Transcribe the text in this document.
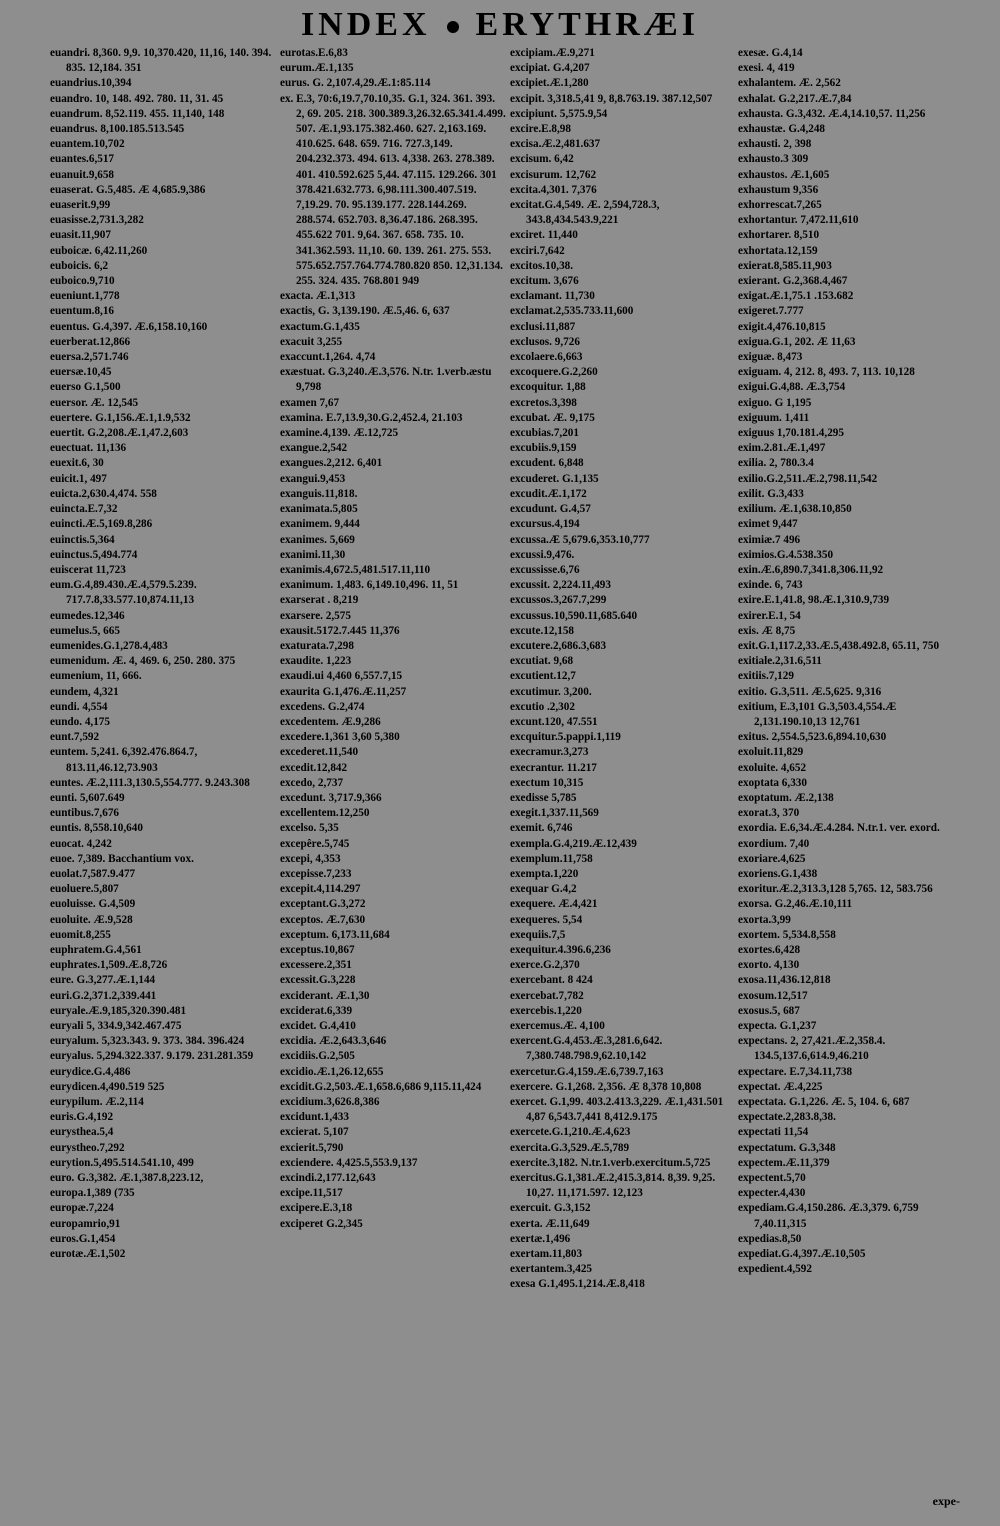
INDEX ERYTHRÆI
euandri. 8,360. 9,9. 10,370.420, 11,16, 140. 394. 835. 12,184. 351
euandrius.10,394
euandro. 10, 148. 492. 780. 11, 31. 45
euandrum. 8,52.119. 455. 11,140, 148
euandrus. 8,100.185.513.545
euantem.10,702
euantes.6,517
euanuit.9,658
euaserat. G.5,485. Æ 4,685.9,386
euaserit.9,99
euasisse.2,731.3,282
euasit.11,907
euboicæ. 6,42.11,260
euboicis. 6,2
euboico.9,710
eueniunt.1,778
euentum.8,16
euentus. G.4,397. Æ.6,158.10,160
euerberat.12,866
euersa.2,571.746
euersæ.10,45
euerso G.1,500
euersor. Æ. 12,545
euertere. G.1,156.Æ.1,1.9,532
euertit. G.2,208.Æ.1,47.2,603
euectuat. 11,136
euexit.6, 30
euicit.1, 497
euicta.2,630.4,474. 558
euincta.E.7,32
euincti.Æ.5,169.8,286
euinctis.5,364
euinctus.5,494.774
euiscerat 11,723
eum.G.4,89.430.Æ.4,579.5.239. 717.7.8,33.577.10,874.11,13
eumedes.12,346
eumelus.5, 665
eumenides.G.1,278.4,483
eumenidum. Æ. 4, 469. 6, 250. 280. 375
eumenium, 11, 666.
eundem, 4,321
eundi. 4,554
eundo. 4,175
eunt.7,592
euntem. 5,241. 6,392.476.864.7, 813.11,46.12,73.903
euntes. Æ.2,111.3,130.5,554.777. 9.243.308
eunti. 5,607.649
euntibus.7,676
euntis. 8,558.10,640
euocat. 4,242
euoe. 7,389. Bacchantium vox.
euolat.7,587.9.477
euoluere.5,807
euoluisse. G.4,509
euoluite. Æ.9,528
euomit.8,255
euphratem.G.4,561
euphrates.1,509.Æ.8,726
eure. G.3,277.Æ.1,144
euri.G.2,371.2,339.441
euryale.Æ.9,185,320.390.481
euryali 5, 334.9,342.467.475
euryalum. 5,323.343. 9. 373. 384. 396.424
euryalus. 5,294.322.337. 9.179. 231.281.359
eurydice.G.4,486
eurydicen.4,490.519 525
eurypilum. Æ.2,114
euris.G.4,192
eurysthea.5,4
eurystheo.7,292
eurytion.5,495.514.541.10, 499
euro. G.3,382. Æ.1,387.8,223.12,
europa.1,389 (735
europæ.7,224
europamrio,91
euros.G.1,454
eurotæ.Æ.1,502
eurotas.E.6,83
eurum.Æ.1,135
eurus. G. 2,107.4,29.Æ.1:85.114
ex. E.3, 70:6,19.7,70.10,35. G.1, 324. 361. 393. 2, 69. 205. 218. 300.389.3,26.32.65.341.4.499. 507. Æ.1,93.175.382.460. 627. 2,163.169. 410.625. 648. 659. 716. 727.3,149. 204.232.373. 494. 613. 4,338. 263. 278.389. 401. 410.592.625 5,44. 47.115. 129.266. 301 378.421.632.773. 6,98.111.300.407.519. 7,19.29. 70. 95.139.177. 228.144.269. 288.574. 652.703. 8,36.47.186. 268.395. 455.622 701. 9,64. 367. 658. 735. 10. 341.362.593. 11,10. 60. 139. 261. 275. 553. 575.652.757.764.774.780.820 850. 12,31.134. 255. 324. 435. 768.801 949
exacta. Æ.1,313
exactis, G. 3,139.190. Æ.5,46. 6, 637
exactum.G.1,435
exacuit 3,255
exaccunt.1,264. 4,74
exæstuat. G.3,240.Æ.3,576. N.tr. 1.verb.æstu 9,798
examen 7,67
examina. E.7,13.9,30.G.2,452.4, 21.103
examine.4,139. Æ.12,725
exangue.2,542
exangues.2,212. 6,401
exangui.9,453
exanguis.11,818.
exanimata.5,805
exanimem. 9,444
exanimes. 5,669
exanimi.11,30
exanimis.4,672.5,481.517.11,110
exanimum. 1,483. 6,149.10,496. 11, 51
exarserat . 8,219
exarsere. 2,575
exausit.5172.7.445 11,376
exaturata.7,298
exaudite. 1,223
exaudi.ui 4,460 6,557.7,15
exaurita G.1,476.Æ.11,257
excedens. G.2,474
excedentem. Æ.9,286
excedere.1,361 3,60 5,380
excederet.11,540
excedit.12,842
excedo, 2,737
excedunt. 3,717.9,366
excellentem.12,250
excelso. 5,35
excepêre.5,745
excepi, 4,353
excepisse.7,233
excepit.4,114.297
exceptant.G.3,272
exceptos. Æ.7,630
exceptum. 6,173.11,684
exceptus.10,867
excessere.2,351
excessit.G.3,228
exciderant. Æ.1,30
exciderat.6,339
excidet. G.4,410
excidia. Æ.2,643.3,646
excidiis.G.2,505
excidio.Æ.1,26.12,655
excidit.G.2,503.Æ.1,658.6,686 9,115.11,424
excidium.3,626.8,386
excidunt.1,433
excierat. 5,107
excierit.5,790
exciendere. 4,425.5,553.9,137
excindi.2,177.12,643
excipe.11,517
excipere.E.3,18
exciperet G.2,345
excipiam.Æ.9,271
excipiat. G.4,207
excipiet.Æ.1,280
excipit. 3,318.5,41 9, 8,8.763.19. 387.12,507
excipiunt. 5,575.9,54
excire.E.8,98
excisa.Æ.2,481.637
excisum. 6,42
excisurum. 12,762
excita.4,301. 7,376
excitat.G.4,549. Æ. 2,594,728.3, 343.8,434.543.9,221
exciret. 11,440
exciri.7,642
excitos.10,38.
excitum. 3,676
exclamant. 11,730
exclamat.2,535.733.11,600
exclusi.11,887
exclusos. 9,726
excolaere.6,663
excoquere.G.2,260
excoquitur. 1,88
excretos.3,398
excubat. Æ. 9,175
excubias.7,201
excubiis.9,159
excudent. 6,848
excuderet. G.1,135
excudit.Æ.1,172
excudunt. G.4,57
excursus.4,194
excussa.Æ 5,679.6,353.10,777
excussi.9,476.
excussisse.6,76
excussit. 2,224.11,493
excussos.3,267.7,299
excussus.10,590.11,685.640
excute.12,158
excutere.2,686.3,683
excutiat. 9,68
excutient.12,7
excutimur. 3,200.
excutio .2,302
excunt.120, 47.551
excquitur.5.pappi.1,119
execramur.3,273
execrantur. 11.217
exectum 10,315
exedisse 5,785
exegit.1,337.11,569
exemit. 6,746
exempla.G.4,219.Æ.12,439
exemplum.11,758
exempta.1,220
exequar G.4,2
exequere. Æ.4,421
exequeres. 5,54
exequiis.7,5
exequitur.4.396.6,236
exerce.G.2,370
exercebant. 8 424
exercebat.7,782
exercebis.1,220
exercemus.Æ. 4,100
exercent.G.4,453.Æ.3,281.6,642. 7,380.748.798.9,62.10,142
exercetur.G.4,159.Æ.6,739.7,163
exercere. G.1,268. 2,356. Æ 8,378 10,808
exercet. G.1,99. 403.2.413.3,229. Æ.1,431.501 4,87 6,543.7,441 8,412.9.175
exercete.G.1,210.Æ.4,623
exercita.G.3,529.Æ.5,789
exercite.3,182. N.tr.1.verb.exercitum.5,725
exercitus.G.1,381.Æ.2,415.3,814. 8,39. 9,25. 10,27. 11,171.597. 12,123
exercuit. G.3,152
exerta. Æ.11,649
exertæ.1,496
exertam.11,803
exertantem.3,425
exesa G.1,495.1,214.Æ.8,418
exesæ. G.4,14
exesi. 4, 419
exhalantem. Æ. 2,562
exhalat. G.2,217.Æ.7,84
exhausta. G.3,432. Æ.4,14.10,57. 11,256
exhaustæ. G.4,248
exhausti. 2, 398
exhausto.3 309
exhaustos. Æ.1,605
exhaustum 9,356
exhorrescat.7,265
exhortantur. 7,472.11,610
exhortarer. 8,510
exhortata.12,159
exierat.8,585.11,903
exierant. G.2,368.4,467
exigat.Æ.1,75.1 .153.682
exigeret.7.777
exigit.4,476.10,815
exigua.G.1, 202. Æ 11,63
exiguæ. 8,473
exiguam. 4, 212. 8, 493. 7, 113. 10,128
exigui.G.4,88. Æ.3,754
exiguo. G 1,195
exiguum. 1,411
exiguus 1,70.181.4,295
exim.2.81.Æ.1,497
exilia. 2, 780.3.4
exilio.G.2,511.Æ.2,798.11,542
exilit. G.3,433
exilium. Æ.1,638.10,850
eximet 9,447
eximiæ.7 496
eximios.G.4.538.350
exin.Æ.6,890.7,341.8,306.11,92
exinde. 6, 743
exire.E.1,41.8, 98.Æ.1,310.9,739
exirer.E.1, 54
exis. Æ 8,75
exit.G.1,117.2,33.Æ.5,438.492.8, 65.11, 750
exitiale.2,31.6,511
exitiis.7,129
exitio. G.3,511. Æ.5,625. 9,316
exitium, E.3,101 G.3,503.4,554.Æ 2,131.190.10,13 12,761
exitus. 2,554.5,523.6,894.10,630
exoluit.11,829
exoluite. 4,652
exoptata 6,330
exoptatum. Æ.2,138
exorat.3, 370
exordia. E.6,34.Æ.4.284. N.tr.1. ver. exord.
exordium. 7,40
exoriare.4,625
exoriens.G.1,438
exoritur.Æ.2,313.3,128 5,765. 12, 583.756
exorsa. G.2,46.Æ.10,111
exorta.3,99
exortem. 5,534.8,558
exortes.6,428
exorto. 4,130
exosa.11,436.12,818
exosum.12,517
exosus.5, 687
expecta. G.1,237
expectans. 2, 27,421.Æ.2,358.4. 134.5,137.6,614.9,46.210
expectare. E.7,34.11,738
expectat. Æ.4,225
expectata. G.1,226. Æ. 5, 104. 6, 687
expectate.2,283.8,38.
expectati 11,54
expectatum. G.3,348
expectem.Æ.11,379
expectent.5,70
expecter.4,430
expediam.G.4,150.286. Æ.3,379. 6,759 7,40.11,315
expedias.8,50
expediat.G.4,397.Æ.10,505
expedient.4,592
expe-
